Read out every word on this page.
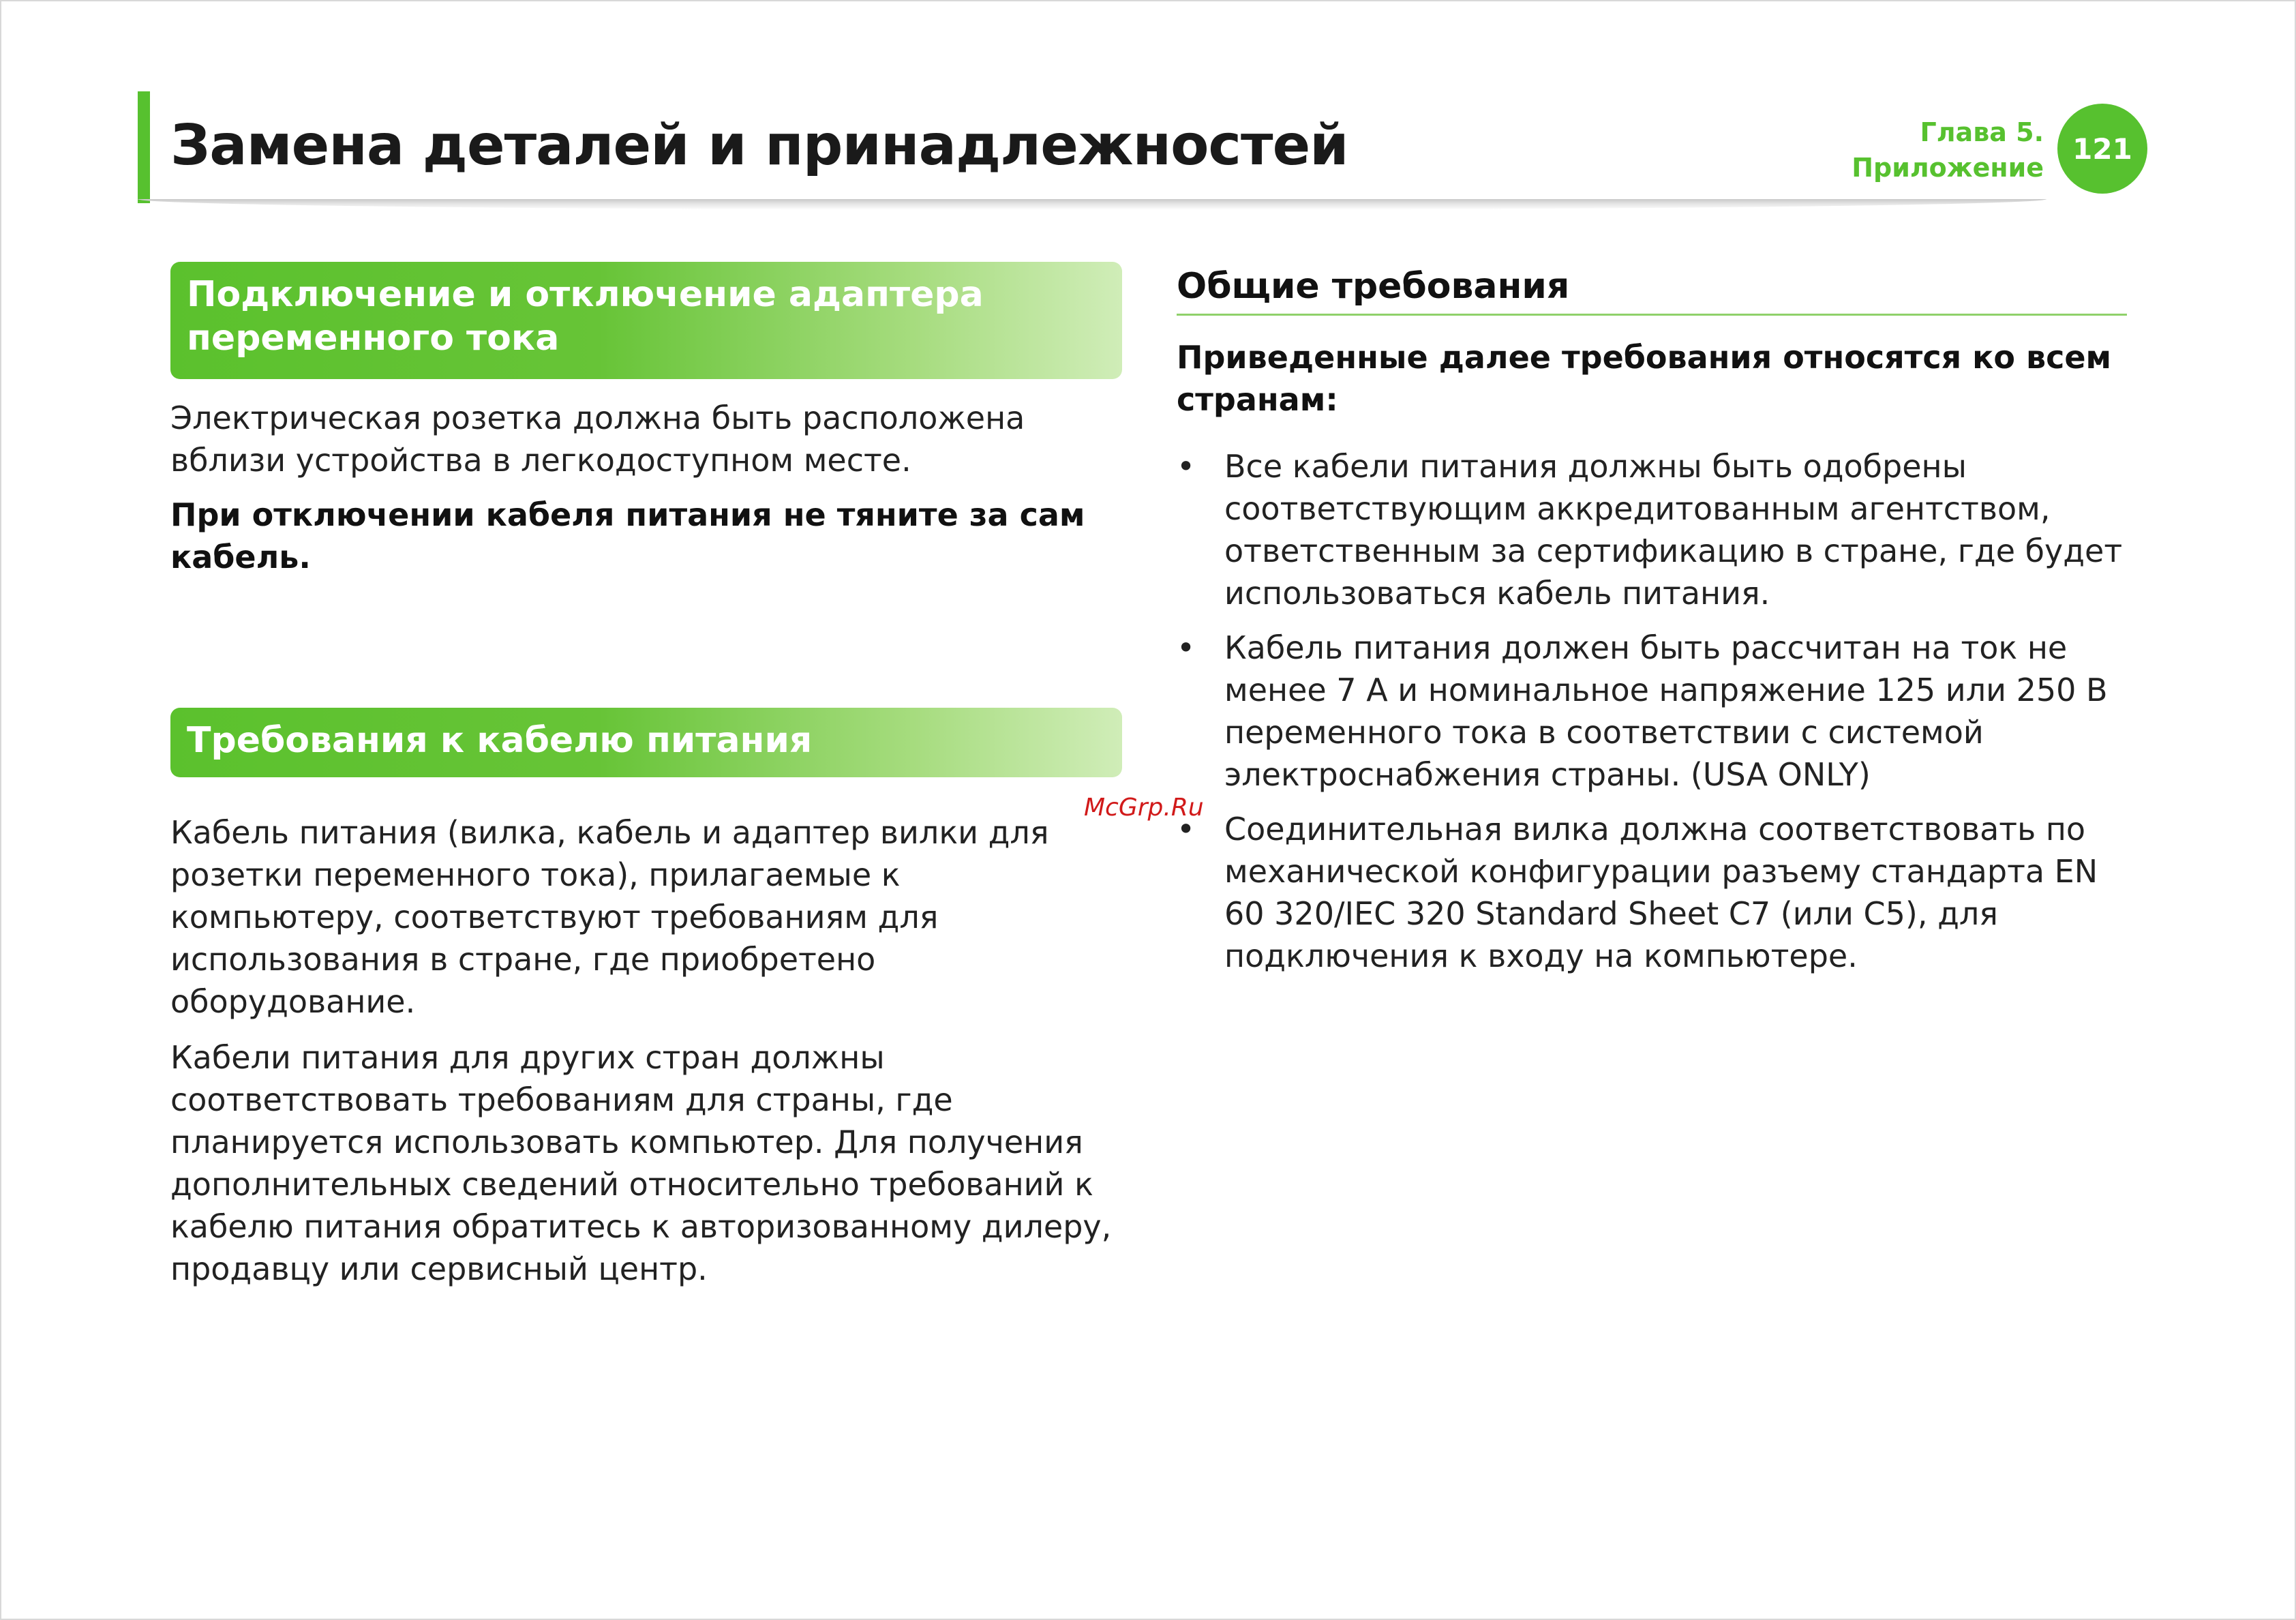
Замена деталей и принадлежностей	Глава 5.
Приложение
121
Подключение и отключение адаптера переменного тока

Электрическая розетка должна быть расположена вблизи устройства в легкодоступном месте.

При отключении кабеля питания не тяните за сам кабель.

Требования к кабелю питания

Кабель питания (вилка, кабель и адаптер вилки для розетки переменного тока), прилагаемые к компьютеру, соответствуют требованиям для использования в стране, где приобретено оборудование.

Кабели питания для других стран должны соответствовать требованиям для страны, где планируется использовать компьютер. Для получения дополнительных сведений относительно требований к кабелю питания обратитесь к авторизованному дилеру, продавцу или сервисный центр.

Общие требования

Приведенные далее требования относятся ко всем странам:

• Все кабели питания должны быть одобрены соответствующим аккредитованным агентством, ответственным за сертификацию в стране, где будет использоваться кабель питания.
• Кабель питания должен быть рассчитан на ток не менее 7 А и номинальное напряжение 125 или 250 В переменного тока в соответствии с системой электроснабжения страны. (USA ONLY)
• Соединительная вилка должна соответствовать по механической конфигурации разъему стандарта EN 60 320/IEC 320 Standard Sheet C7 (или C5), для подключения к входу на компьютере.
McGrp.Ru
